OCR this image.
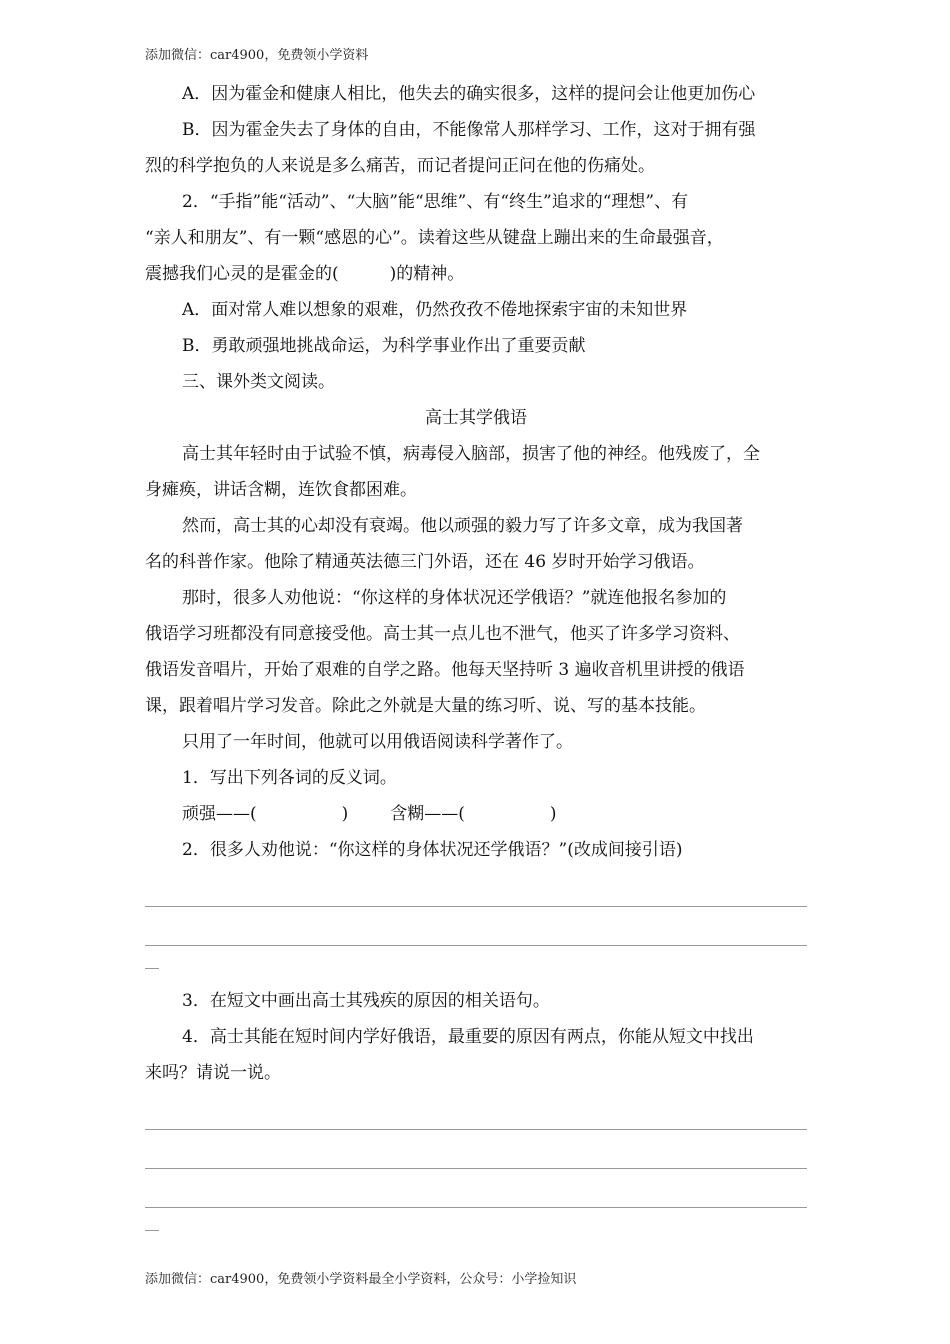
添加微信：car4900，免费领小学资料
A．因为霍金和健康人相比，他失去的确实很多，这样的提问会让他更加伤心
B．因为霍金失去了身体的自由，不能像常人那样学习、工作，这对于拥有强
烈的科学抱负的人来说是多么痛苦，而记者提问正问在他的伤痛处。
2．“手指”能“活动”、“大脑”能“思维”、有“终生”追求的“理想”、有
“亲人和朋友”、有一颗“感恩的心”。读着这些从键盘上蹦出来的生命最强音，
震撼我们心灵的是霍金的(　　　)的精神。
A．面对常人难以想象的艰难，仍然孜孜不倦地探索宇宙的未知世界
B．勇敢顽强地挑战命运，为科学事业作出了重要贡献
三、课外类文阅读。
高士其学俄语
高士其年轻时由于试验不慎，病毒侵入脑部，损害了他的神经。他残废了，全
身瘫痪，讲话含糊，连饮食都困难。
然而，高士其的心却没有衰竭。他以顽强的毅力写了许多文章，成为我国著
名的科普作家。他除了精通英法德三门外语，还在 46 岁时开始学习俄语。
那时，很多人劝他说：“你这样的身体状况还学俄语？”就连他报名参加的
俄语学习班都没有同意接受他。高士其一点儿也不泄气，他买了许多学习资料、
俄语发音唱片，开始了艰难的自学之路。他每天坚持听 3 遍收音机里讲授的俄语
课，跟着唱片学习发音。除此之外就是大量的练习听、说、写的基本技能。
只用了一年时间，他就可以用俄语阅读科学著作了。
1．写出下列各词的反义词。
顽强——(　　　　　) 含糊——(　　　　　)
2．很多人劝他说：“你这样的身体状况还学俄语？”(改成间接引语)
3．在短文中画出高士其残疾的原因的相关语句。
4．高士其能在短时间内学好俄语，最重要的原因有两点，你能从短文中找出
来吗？请说一说。
添加微信：car4900，免费领小学资料最全小学资料，公众号：小学捡知识
